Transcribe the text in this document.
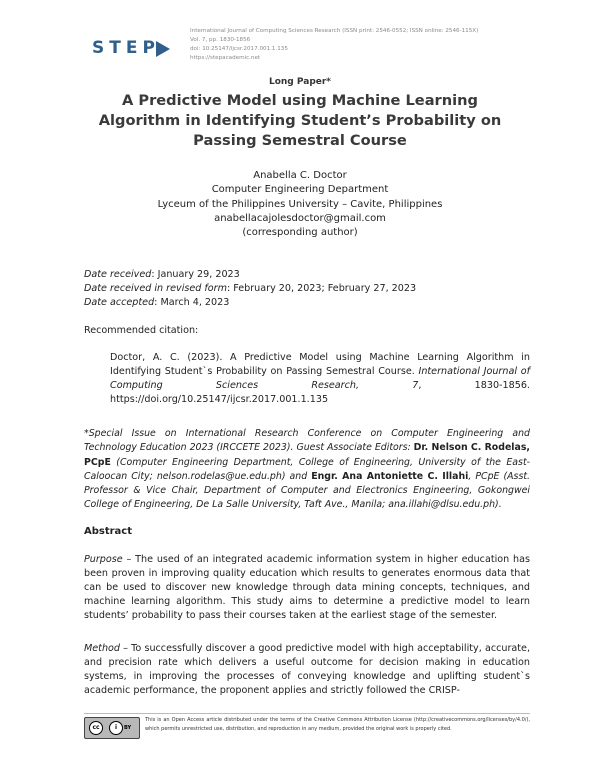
STEP
International Journal of Computing Sciences Research (ISSN print: 2546-0552; ISSN online: 2546-115X)
Vol. 7, pp. 1830-1856
doi: 10.25147/ijcsr.2017.001.1.135
https://stepacademic.net
Long Paper*
A Predictive Model using Machine Learning Algorithm in Identifying Student’s Probability on Passing Semestral Course
Anabella C. Doctor
Computer Engineering Department
Lyceum of the Philippines University – Cavite, Philippines
anabellacajolesdoctor@gmail.com
(corresponding author)
Date received: January 29, 2023
Date received in revised form: February 20, 2023; February 27, 2023
Date accepted: March 4, 2023
Recommended citation:
Doctor, A. C. (2023). A Predictive Model using Machine Learning Algorithm in Identifying Student`s Probability on Passing Semestral Course. International Journal of Computing Sciences Research, 7, 1830-1856. https://doi.org/10.25147/ijcsr.2017.001.1.135
*Special Issue on International Research Conference on Computer Engineering and Technology Education 2023 (IRCCETE 2023). Guest Associate Editors: Dr. Nelson C. Rodelas, PCpE (Computer Engineering Department, College of Engineering, University of the East-Caloocan City; nelson.rodelas@ue.edu.ph) and Engr. Ana Antoniette C. Illahi, PCpE (Asst. Professor & Vice Chair, Department of Computer and Electronics Engineering, Gokongwei College of Engineering, De La Salle University, Taft Ave., Manila; ana.illahi@dlsu.edu.ph).
Abstract
Purpose – The used of an integrated academic information system in higher education has been proven in improving quality education which results to generates enormous data that can be used to discover new knowledge through data mining concepts, techniques, and machine learning algorithm. This study aims to determine a predictive model to learn students’ probability to pass their courses taken at the earliest stage of the semester.
Method – To successfully discover a good predictive model with high acceptability, accurate, and precision rate which delivers a useful outcome for decision making in education systems, in improving the processes of conveying knowledge and uplifting student`s academic performance, the proponent applies and strictly followed the CRISP-
cc	i	BY
This is an Open Access article distributed under the terms of the Creative Commons Attribution License (http://creativecommons.org/licenses/by/4.0/), which permits unrestricted use, distribution, and reproduction in any medium, provided the original work is properly cited.
